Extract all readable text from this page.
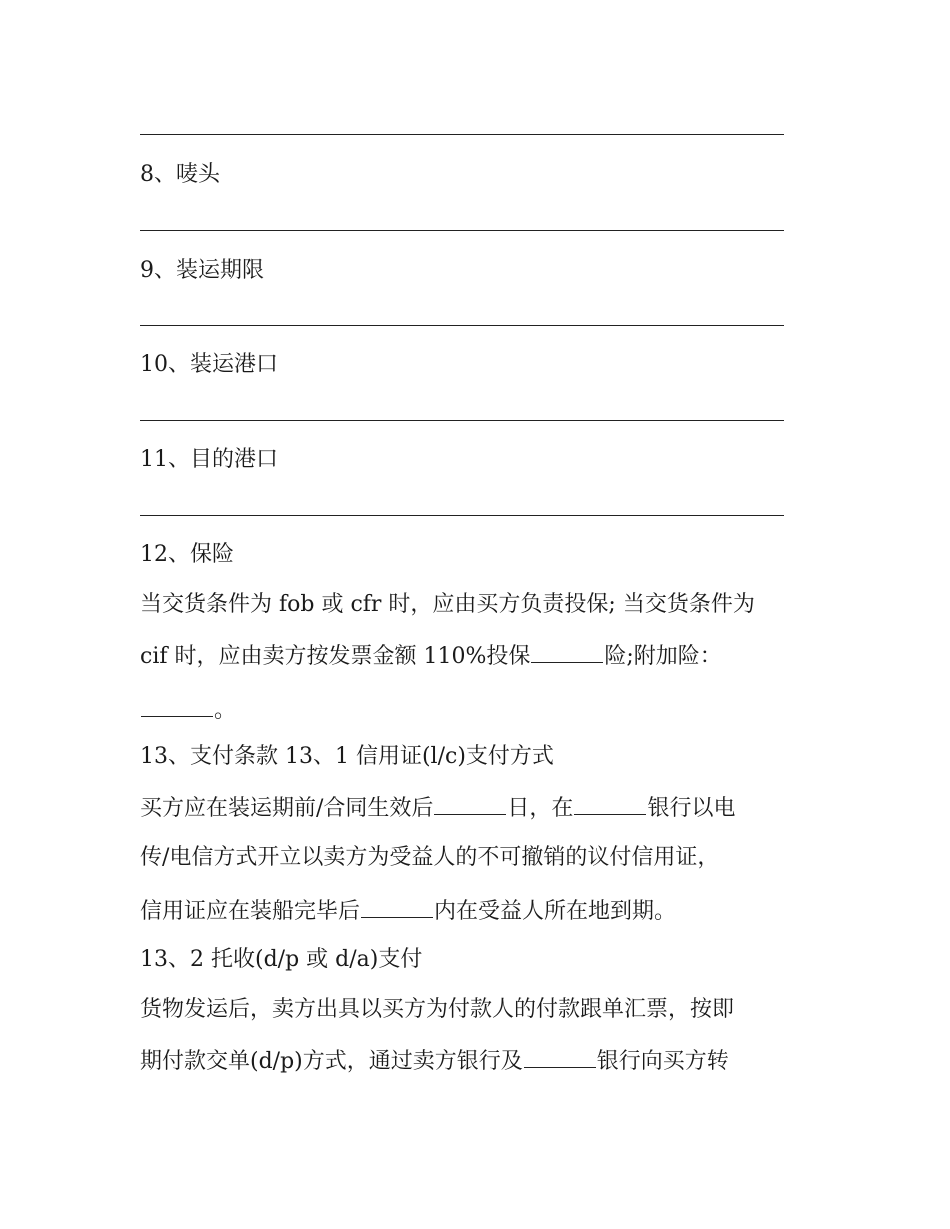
8、唛头
9、装运期限
10、装运港口
11、目的港口
12、保险
当交货条件为 fob 或 cfr 时，应由买方负责投保; 当交货条件为
cif 时，应由卖方按发票金额 110%投保	险;附加险：
。
13、支付条款 13、1 信用证(l/c)支付方式
买方应在装运期前/合同生效后	日，在	银行以电
传/电信方式开立以卖方为受益人的不可撤销的议付信用证，
信用证应在装船完毕后	内在受益人所在地到期。
13、2 托收(d/p 或 d/a)支付
货物发运后，卖方出具以买方为付款人的付款跟单汇票，按即
期付款交单(d/p)方式，通过卖方银行及	银行向买方转
